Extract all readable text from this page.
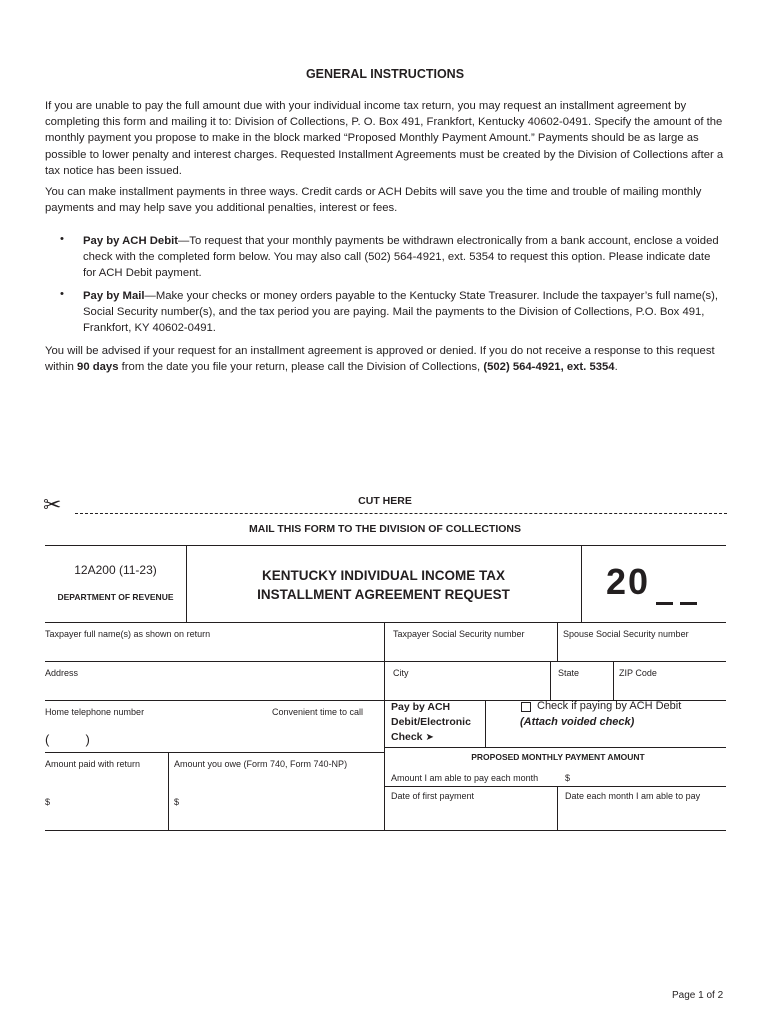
GENERAL INSTRUCTIONS
If you are unable to pay the full amount due with your individual income tax return, you may request an installment agreement by completing this form and mailing it to: Division of Collections, P. O. Box 491, Frankfort, Kentucky 40602-0491. Specify the amount of the monthly payment you propose to make in the block marked “Proposed Monthly Payment Amount.” Payments should be as large as possible to lower penalty and interest charges. Requested Installment Agreements must be created by the Division of Collections after a tax notice has been issued.
You can make installment payments in three ways. Credit cards or ACH Debits will save you the time and trouble of mailing monthly payments and may help save you additional penalties, interest or fees.
• Pay by ACH Debit—To request that your monthly payments be withdrawn electronically from a bank account, enclose a voided check with the completed form below. You may also call (502) 564-4921, ext. 5354 to request this option. Please indicate date for ACH Debit payment.
• Pay by Mail—Make your checks or money orders payable to the Kentucky State Treasurer. Include the taxpayer’s full name(s), Social Security number(s), and the tax period you are paying. Mail the payments to the Division of Collections, P.O. Box 491, Frankfort, KY 40602-0491.
You will be advised if your request for an installment agreement is approved or denied. If you do not receive a response to this request within 90 days from the date you file your return, please call the Division of Collections, (502) 564-4921, ext. 5354.
✂	CUT HERE
MAIL THIS FORM TO THE DIVISION OF COLLECTIONS
12A200 (11-23)
DEPARTMENT OF REVENUE
KENTUCKY INDIVIDUAL INCOME TAX
INSTALLMENT AGREEMENT REQUEST	20
Taxpayer full name(s) as shown on return	Taxpayer Social Security number	Spouse Social Security number
Address	City	State	ZIP Code
Home telephone number	Convenient time to call
(          )
Pay by ACH
Debit/Electronic
Check ➤
Check if paying by ACH Debit
(Attach voided check)
Amount paid with return	Amount you owe (Form 740, Form 740-NP)
$	$
PROPOSED MONTHLY PAYMENT AMOUNT
Amount I am able to pay each month	$
Date of first payment	Date each month I am able to pay
Page 1 of 2
